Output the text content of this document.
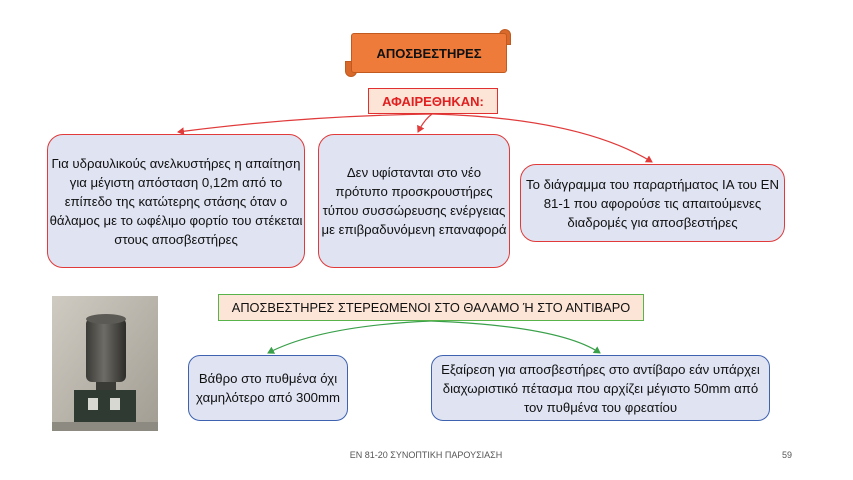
ΑΠΟΣΒΕΣΤΗΡΕΣ
ΑΦΑΙΡΕΘΗΚΑΝ:
Για υδραυλικούς ανελκυστήρες η απαίτηση για μέγιστη απόσταση 0,12m από το επίπεδο της κατώτερης στάσης όταν ο θάλαμος με το ωφέλιμο φορτίο του στέκεται στους αποσβεστήρες
Δεν υφίστανται στο νέο πρότυπο προσκρουστήρες τύπου συσσώρευσης ενέργειας με επιβραδυνόμενη επαναφορά
Το διάγραμμα του παραρτήματος ΙΑ του ΕΝ 81-1 που αφορούσε τις απαιτούμενες διαδρομές για αποσβεστήρες
ΑΠΟΣΒΕΣΤΗΡΕΣ ΣΤΕΡΕΩΜΕΝΟΙ ΣΤΟ ΘΑΛΑΜΟ Ή ΣΤΟ ΑΝΤΙΒΑΡΟ
Βάθρο στο πυθμένα όχι χαμηλότερο από 300mm
Εξαίρεση για αποσβεστήρες στο αντίβαρο εάν υπάρχει διαχωριστικό πέτασμα που αρχίζει μέγιστο 50mm από τον πυθμένα του φρεατίου
ΕΝ 81-20 ΣΥΝΟΠΤΙΚΗ ΠΑΡΟΥΣΙΑΣΗ	59
